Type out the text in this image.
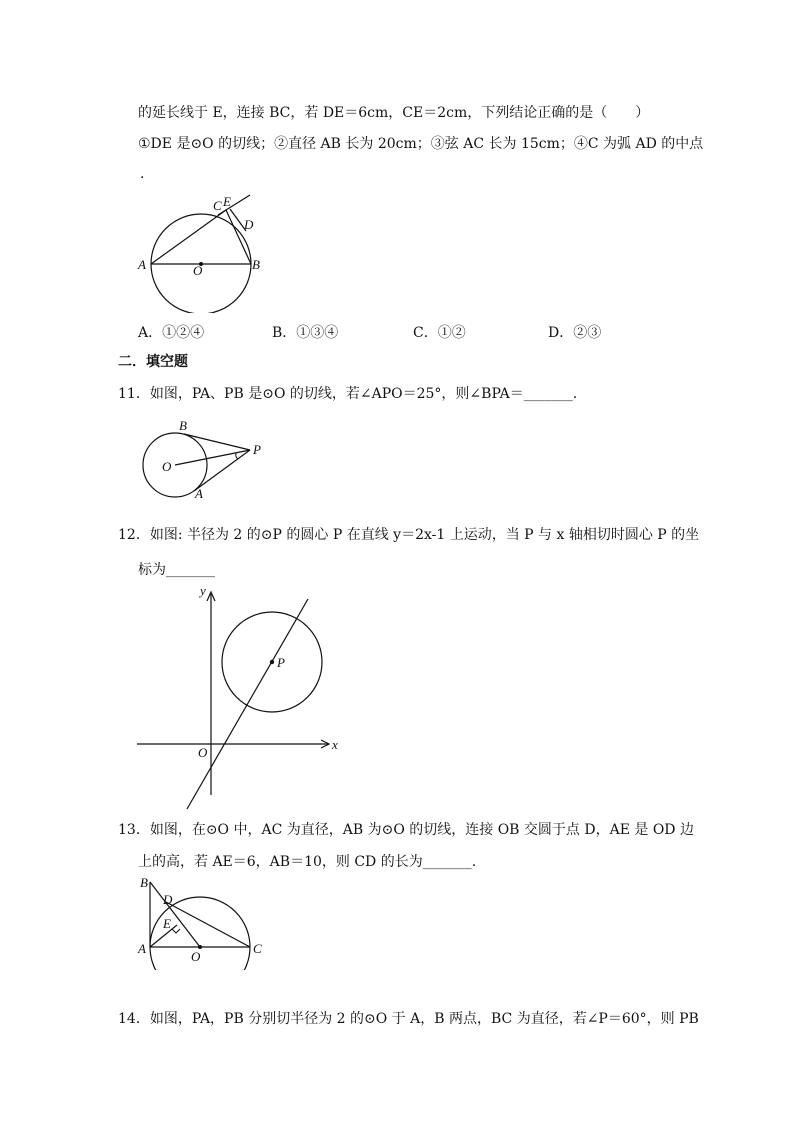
的延长线于 E，连接 BC，若 DE＝6cm，CE＝2cm，下列结论正确的是（　　）
①DE 是⊙O 的切线；②直径 AB 长为 20cm；③弦 AC 长为 15cm；④C 为弧 AD 的中点
.
A	O	B
C E
D
A．①②④	B．①③④	C．①②	D．②③
二．填空题
11．如图，PA、PB 是⊙O 的切线，若∠APO＝25°，则∠BPA＝_______.
B
O
P
A
12．如图: 半径为 2 的⊙P 的圆心 P 在直线 y＝2x-1 上运动，当 P 与 x 轴相切时圆心 P 的坐
标为_______
y
x
O
P
13．如图，在⊙O 中，AC 为直径，AB 为⊙O 的切线，连接 OB 交圆于点 D，AE 是 OD 边
上的高，若 AE＝6，AB＝10，则 CD 的长为_______.
B
D
E
A
O
C
14．如图，PA，PB 分别切半径为 2 的⊙O 于 A，B 两点，BC 为直径，若∠P＝60°，则 PB
